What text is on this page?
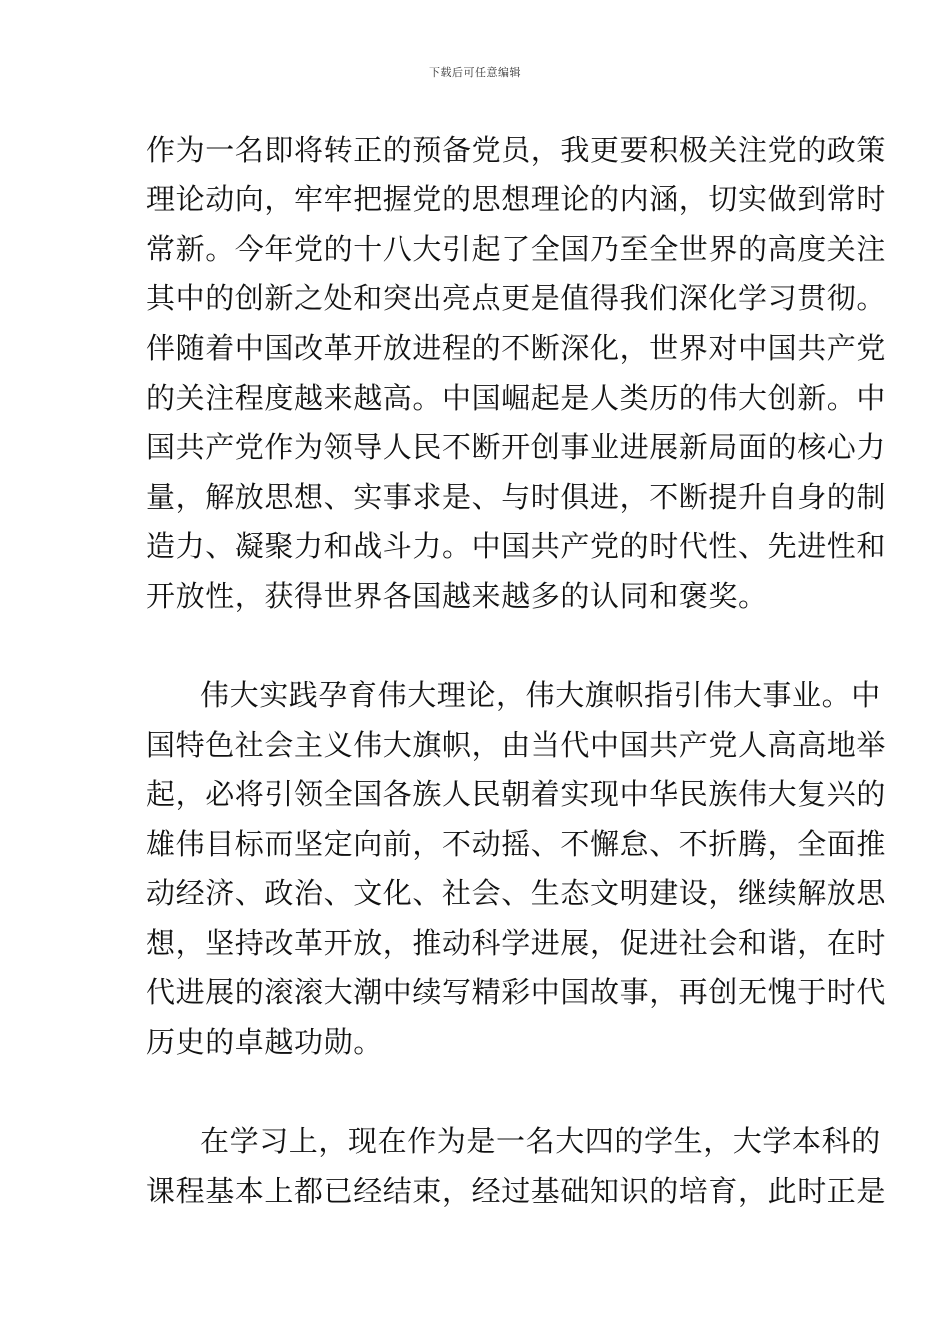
下载后可任意编辑
作为一名即将转正的预备党员，我更要积极关注党的政策
理论动向，牢牢把握党的思想理论的内涵，切实做到常时
常新。今年党的十八大引起了全国乃至全世界的高度关注
其中的创新之处和突出亮点更是值得我们深化学习贯彻。
伴随着中国改革开放进程的不断深化，世界对中国共产党
的关注程度越来越高。中国崛起是人类历的伟大创新。中
国共产党作为领导人民不断开创事业进展新局面的核心力
量，解放思想、实事求是、与时俱进，不断提升自身的制
造力、凝聚力和战斗力。中国共产党的时代性、先进性和
开放性，获得世界各国越来越多的认同和褒奖。
伟大实践孕育伟大理论，伟大旗帜指引伟大事业。中
国特色社会主义伟大旗帜，由当代中国共产党人高高地举
起，必将引领全国各族人民朝着实现中华民族伟大复兴的
雄伟目标而坚定向前，不动摇、不懈怠、不折腾，全面推
动经济、政治、文化、社会、生态文明建设，继续解放思
想，坚持改革开放，推动科学进展，促进社会和谐，在时
代进展的滚滚大潮中续写精彩中国故事，再创无愧于时代
历史的卓越功勋。
在学习上，现在作为是一名大四的学生，大学本科的
课程基本上都已经结束，经过基础知识的培育，此时正是
